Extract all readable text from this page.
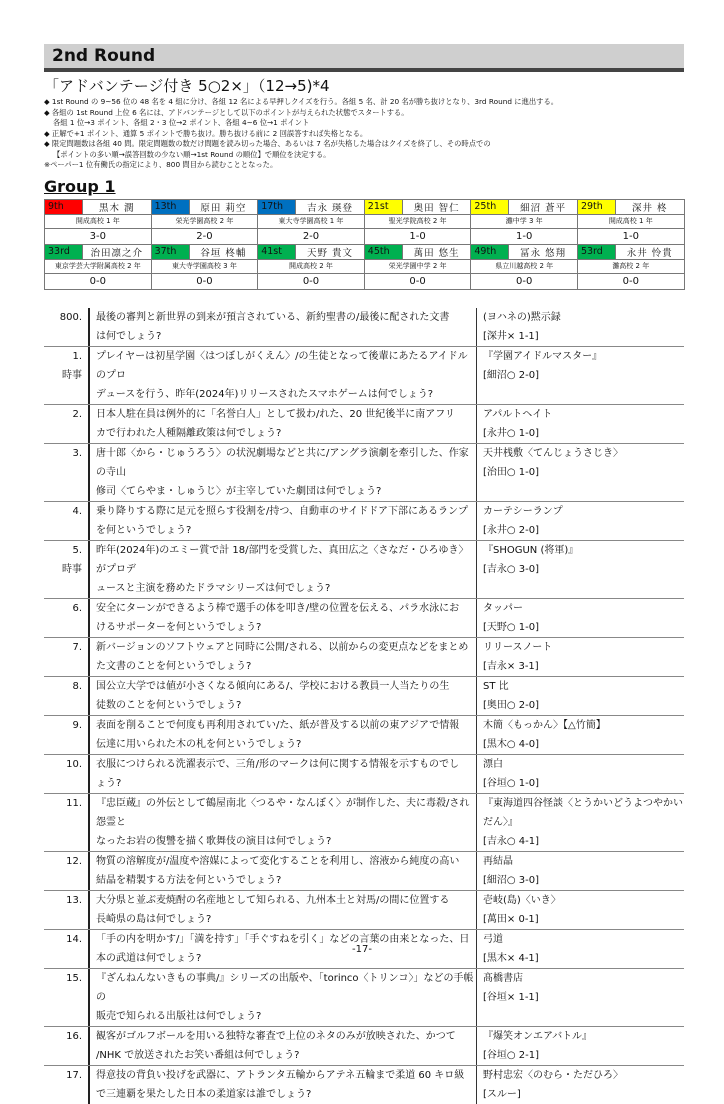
2nd Round
「アドバンテージ付き 5○2×」（12→5)*4
◆ 1st Round の 9~56 位の 48 名を 4 組に分け、各組 12 名による早押しクイズを行う。各組 5 名、計 20 名が勝ち抜けとなり、3rd Round に進出する。
◆ 各組の 1st Round 上位 6 名には、アドバンテージとして以下のポイントが与えられた状態でスタートする。
各組 1 位→3 ポイント、各組 2・3 位→2 ポイント、各組 4~6 位→1 ポイント
◆ 正解で+1 ポイント、通算 5 ポイントで勝ち抜け。勝ち抜ける前に 2 回誤答すれば失格となる。
◆ 限定問題数は各組 40 問。限定問題数の数だけ問題を読み切った場合、あるいは 7 名が失格した場合はクイズを終了し、その時点での
【ポイントの多い順→誤答回数の少ない順→1st Round の順位】で順位を決定する。
※ペーパー1 位有働氏の指定により、800 問目から読むこととなった。
Group 1
9th	黒木 潤	13th	原田 莉空	17th	吉永 瑛登	21st	奥田 智仁	25th	細沼 蒼平	29th	深井 柊
開成高校 1 年		栄光学園高校 2 年		東大寺学園高校 1 年		聖光学院高校 2 年		灘中学 3 年		開成高校 1 年	
3-0		2-0		2-0		1-0		1-0		1-0	
33rd	治田凛之介	37th	谷垣 柊輔	41st	天野 貴文	45th	萬田 悠生	49th	冨永 悠翔	53rd	永井 怜貴
東京学芸大学附属高校 2 年		東大寺学園高校 3 年		開成高校 2 年		栄光学園中学 2 年		県立川越高校 2 年		灘高校 2 年	
0-0		0-0		0-0		0-0		0-0		0-0	
800.
最後の審判と新世界の到来が預言されている、新約聖書の/最後に配された文書
は何でしょう?
(ヨハネの)黙示録
[深井× 1-1]
1.
時事
プレイヤーは初星学園〈はつぼしがくえん〉/の生徒となって後輩にあたるアイドルのプロ
デュースを行う、昨年(2024年)リリースされたスマホゲームは何でしょう?
『学園アイドルマスター』
[細沼○ 2-0]
2.
日本人駐在員は例外的に「名誉白人」として扱わ/れた、20 世紀後半に南アフリ
カで行われた人種隔離政策は何でしょう?
アパルトヘイト
[永井○ 1-0]
3.
唐十郎〈から・じゅうろう〉の状況劇場などと共に/アングラ演劇を牽引した、作家の寺山
修司〈てらやま・しゅうじ〉が主宰していた劇団は何でしょう?
天井桟敷〈てんじょうさじき〉
[治田○ 1-0]
4.
乗り降りする際に足元を照らす役割を/持つ、自動車のサイドドア下部にあるランプ
を何というでしょう?
カーテシーランプ
[永井○ 2-0]
5.
時事
昨年(2024年)のエミー賞で計 18/部門を受賞した、真田広之〈さなだ・ひろゆき〉がプロデ
ュースと主演を務めたドラマシリーズは何でしょう?
『SHOGUN (将軍)』
[吉永○ 3-0]
6.
安全にターンができるよう棒で選手の体を叩き/壁の位置を伝える、パラ水泳にお
けるサポーターを何というでしょう?
タッパー
[天野○ 1-0]
7.
新バージョンのソフトウェアと同時に公開/される、以前からの変更点などをまとめ
た文書のことを何というでしょう?
リリースノート
[吉永× 3-1]
8.
国公立大学では値が小さくなる傾向にある/、学校における教員一人当たりの生
徒数のことを何というでしょう?
ST 比
[奥田○ 2-0]
9.
表面を削ることで何度も再利用されてい/た、紙が普及する以前の東アジアで情報
伝達に用いられた木の札を何というでしょう?
木簡〈もっかん〉【△竹簡】
[黒木○ 4-0]
10.
衣服につけられる洗濯表示で、三角/形のマークは何に関する情報を示すものでし
ょう?
漂白
[谷垣○ 1-0]
11.
『忠臣蔵』の外伝として鶴屋南北〈つるや・なんぼく〉が制作した、夫に毒殺/され怨霊と
なったお岩の復讐を描く歌舞伎の演目は何でしょう?
『東海道四谷怪談〈とうかいどうよつやかいだん〉』
[吉永○ 4-1]
12.
物質の溶解度が/温度や溶媒によって変化することを利用し、溶液から純度の高い
結晶を精製する方法を何というでしょう?
再結晶
[細沼○ 3-0]
13.
大分県と並ぶ麦焼酎の名産地として知られる、九州本土と対馬/の間に位置する
長崎県の島は何でしょう?
壱岐(島)〈いき〉
[萬田× 0-1]
14.
「手の内を明かす/」「満を持す」「手ぐすねを引く」などの言葉の由来となった、日
本の武道は何でしょう?
弓道
[黒木× 4-1]
15.
『ざんねんないきもの事典/』シリーズの出版や、「torinco〈トリンコ〉」などの手帳の
販売で知られる出版社は何でしょう?
髙橋書店
[谷垣× 1-1]
16.
観客がゴルフボールを用いる独特な審査で上位のネタのみが放映された、かつて
/NHK で放送されたお笑い番組は何でしょう?
『爆笑オンエアバトル』
[谷垣○ 2-1]
17.
得意技の背負い投げを武器に、アトランタ五輪からアテネ五輪まで柔道 60 キロ級
で三連覇を果たした日本の柔道家は誰でしょう?
野村忠宏〈のむら・ただひろ〉
[スルー]
-17-
